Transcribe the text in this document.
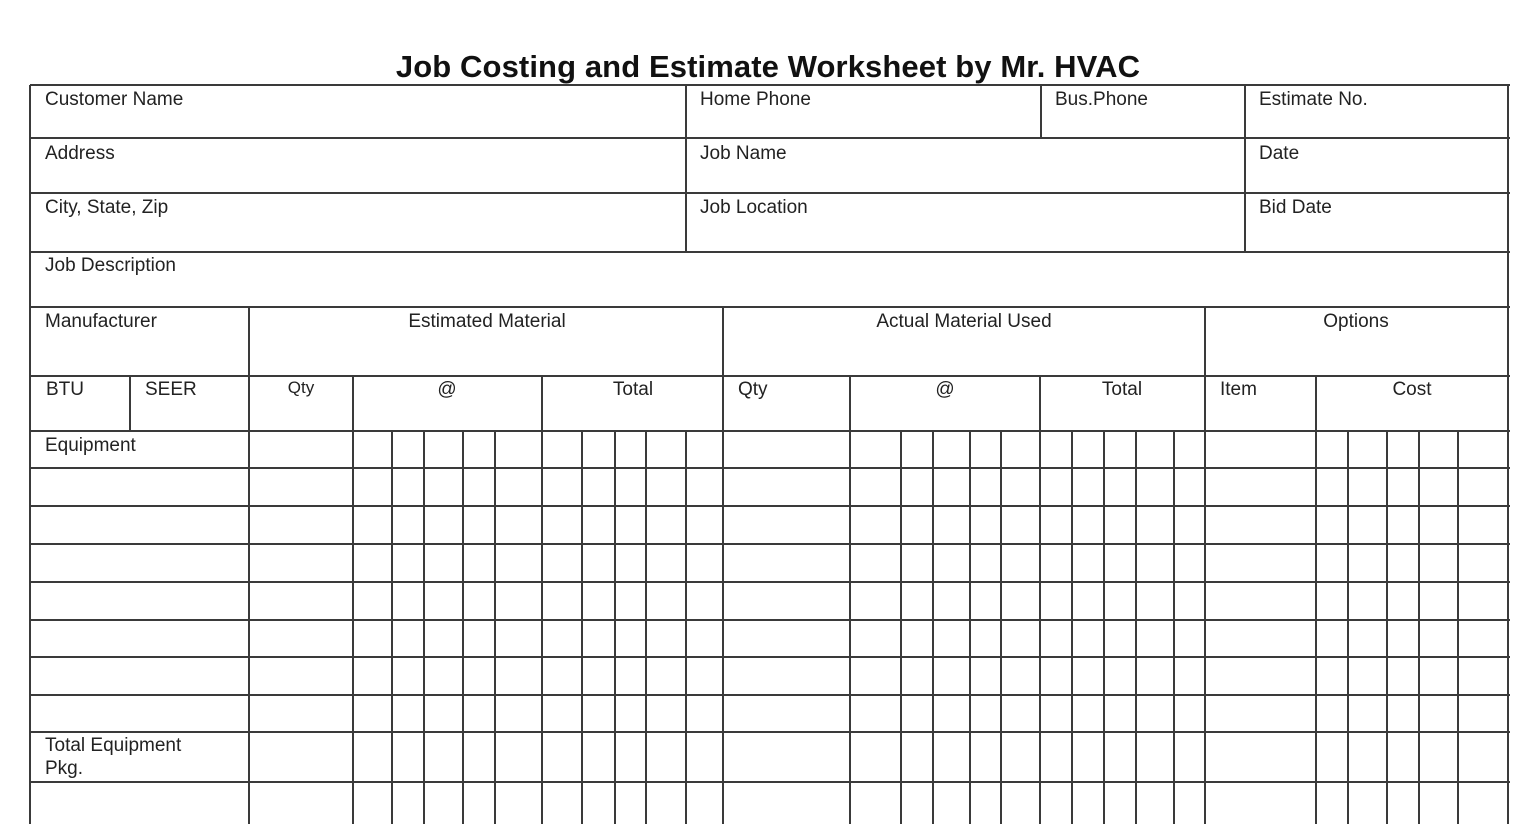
Job Costing and Estimate Worksheet by Mr. HVAC
Customer Name	Home Phone	Bus.Phone	Estimate No.
Address	Job Name	Date
City, State, Zip	Job Location	Bid Date
Job Description
Manufacturer	Estimated Material	Actual Material Used	Options
BTU	SEER	Qty	@	Total	Qty	@	Total	Item	Cost
Equipment
Total Equipment
Pkg.
